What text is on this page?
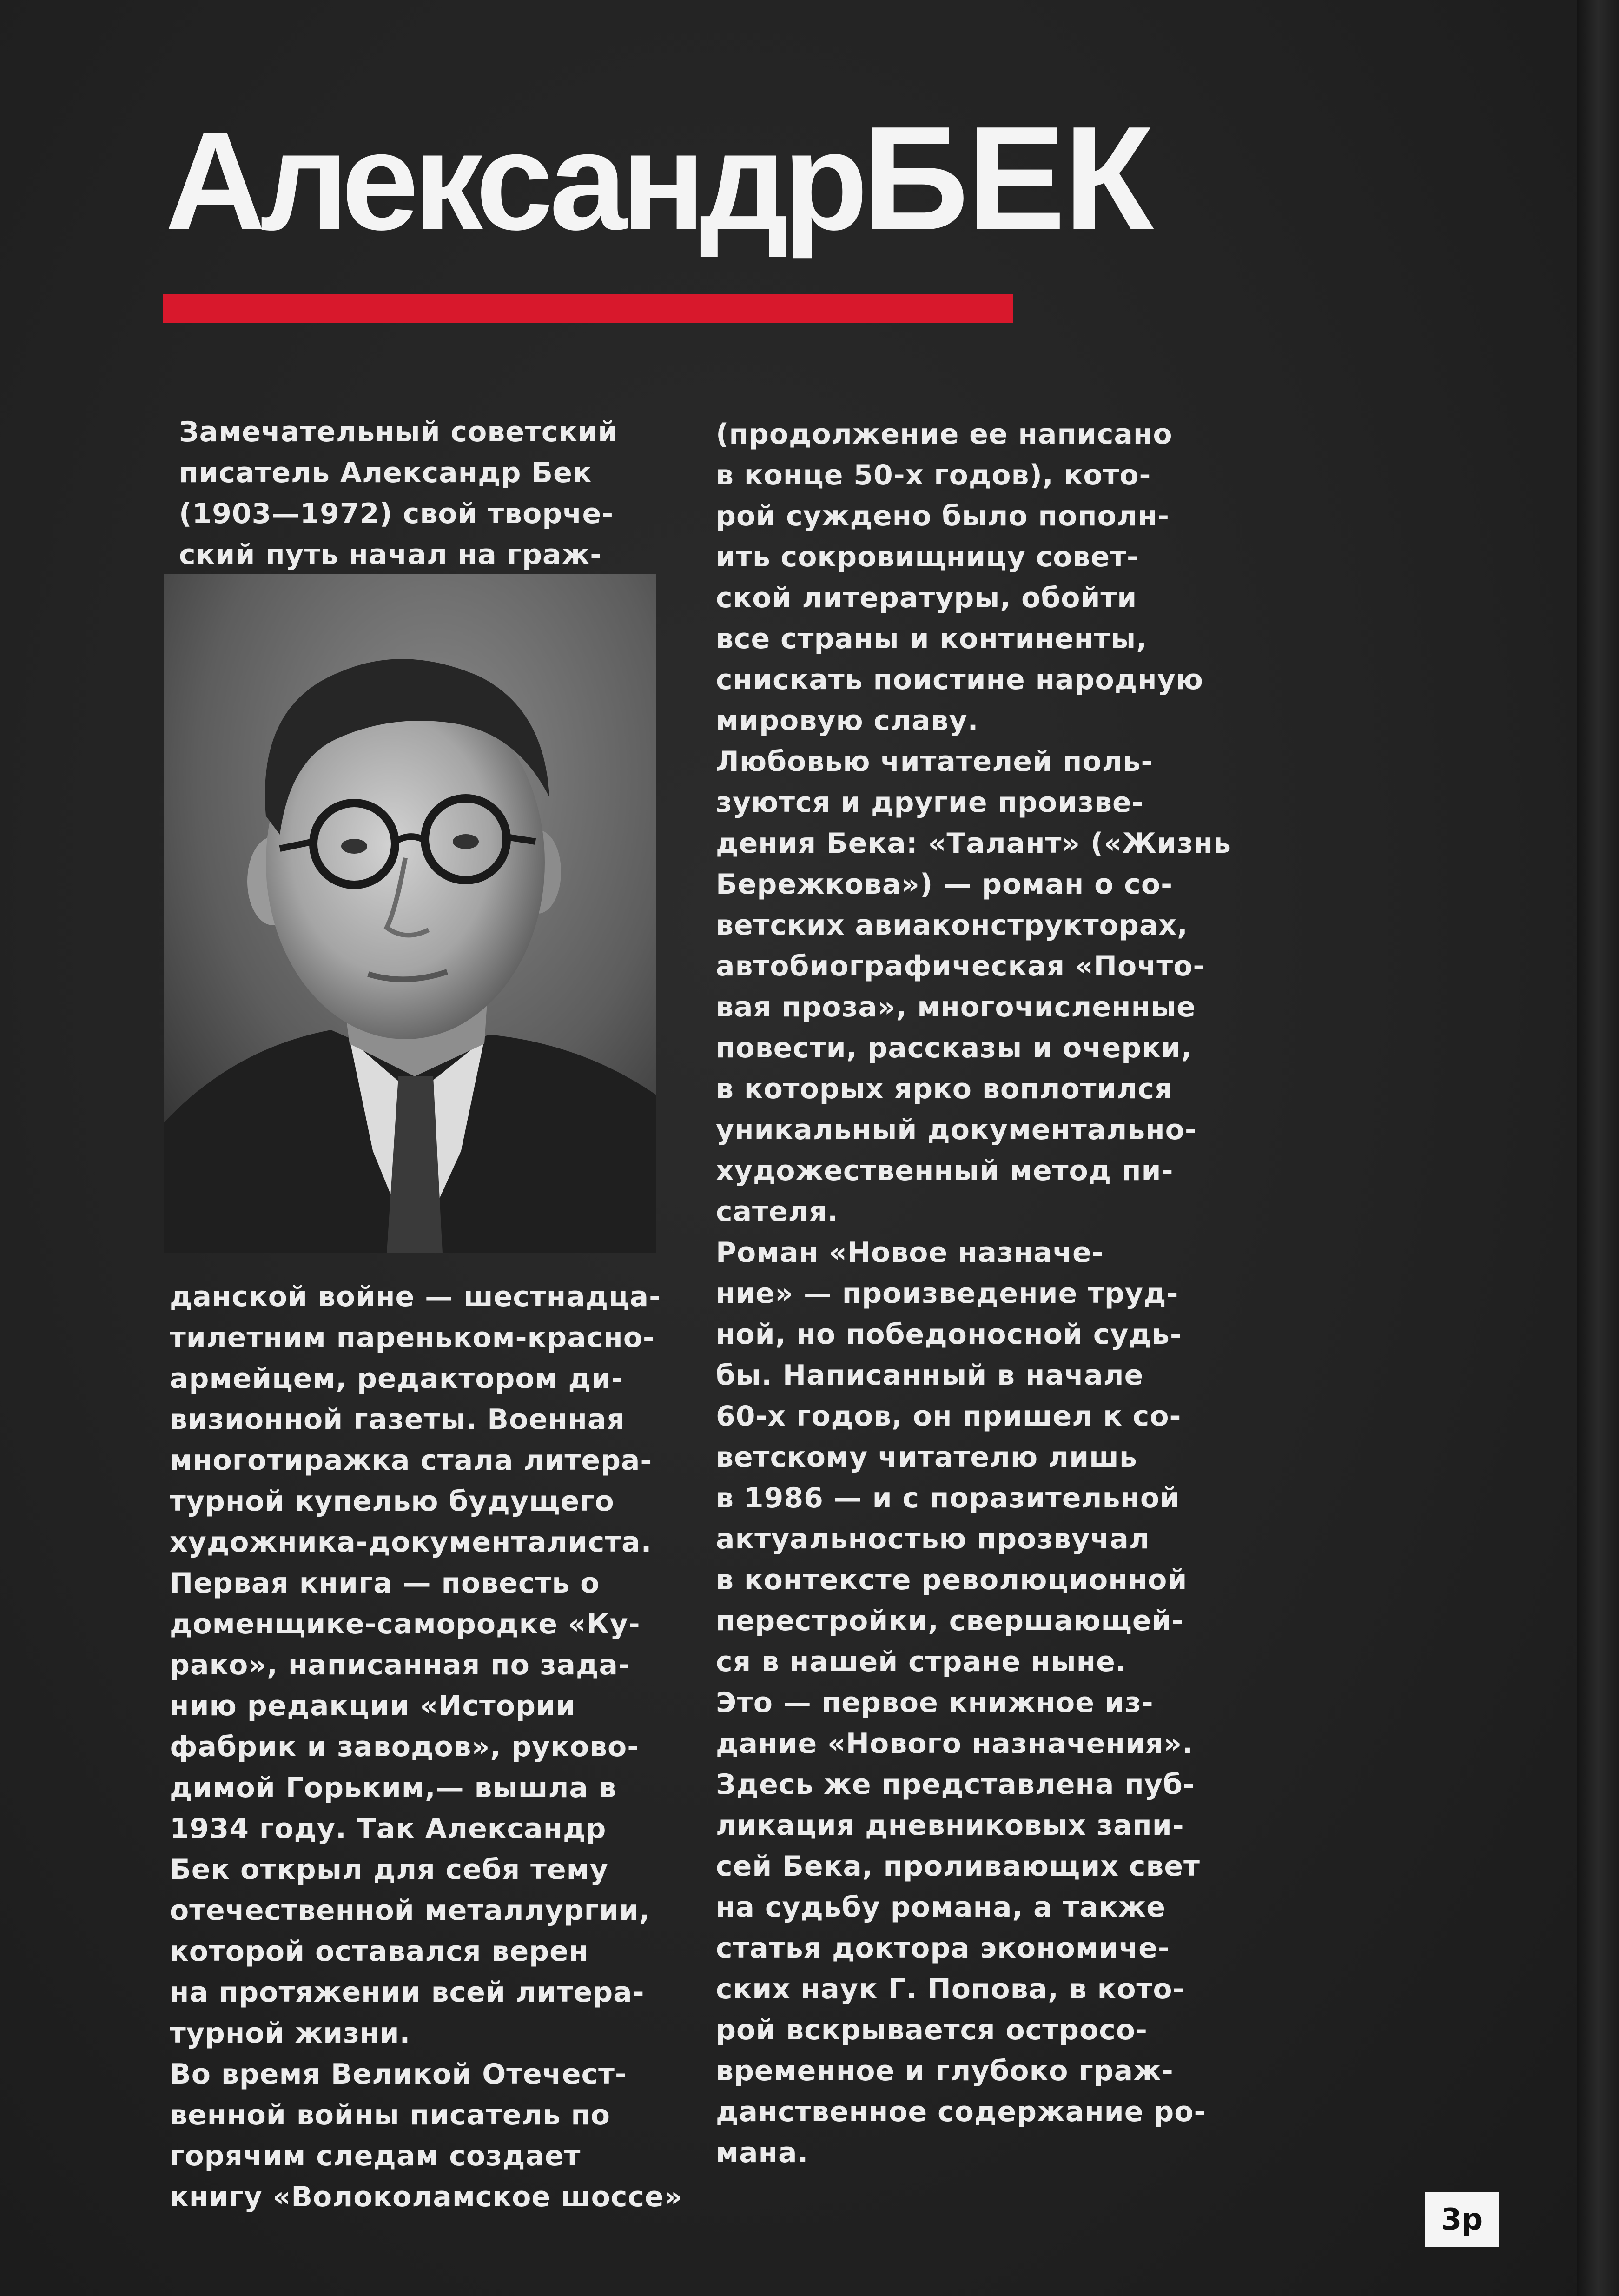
АлександрБЕК
Замечательный советский
писатель Александр Бек
(1903—1972) свой творче-
ский путь начал на граж-
данской войне — шестнадца-
тилетним пареньком-красно-
армейцем, редактором ди-
визионной газеты. Военная
многотиражка стала литера-
турной купелью будущего
художника-документалиста.
Первая книга — повесть о
доменщике-самородке «Ку-
рако», написанная по зада-
нию редакции «Истории
фабрик и заводов», руково-
димой Горьким,— вышла в
1934 году. Так Александр
Бек открыл для себя тему
отечественной металлургии,
которой оставался верен
на протяжении всей литера-
турной жизни.
Во время Великой Отечест-
венной войны писатель по
горячим следам создает
книгу «Волоколамское шоссе»
(продолжение ее написано
в конце 50-х годов), кото-
рой суждено было пополн-
ить сокровищницу совет-
ской литературы, обойти
все страны и континенты,
снискать поистине народную
мировую славу.
Любовью читателей поль-
зуются и другие произве-
дения Бека: «Талант» («Жизнь
Бережкова») — роман о со-
ветских авиаконструкторах,
автобиографическая «Почто-
вая проза», многочисленные
повести, рассказы и очерки,
в которых ярко воплотился
уникальный документально-
художественный метод пи-
сателя.
Роман «Новое назначе-
ние» — произведение труд-
ной, но победоносной судь-
бы. Написанный в начале
60-х годов, он пришел к со-
ветскому читателю лишь
в 1986 — и с поразительной
актуальностью прозвучал
в контексте революционной
перестройки, свершающей-
ся в нашей стране ныне.
Это — первое книжное из-
дание «Нового назначения».
Здесь же представлена пуб-
ликация дневниковых запи-
сей Бека, проливающих свет
на судьбу романа, а также
статья доктора экономиче-
ских наук Г. Попова, в кото-
рой вскрывается остросо-
временное и глубоко граж-
данственное содержание ро-
мана.
3р
